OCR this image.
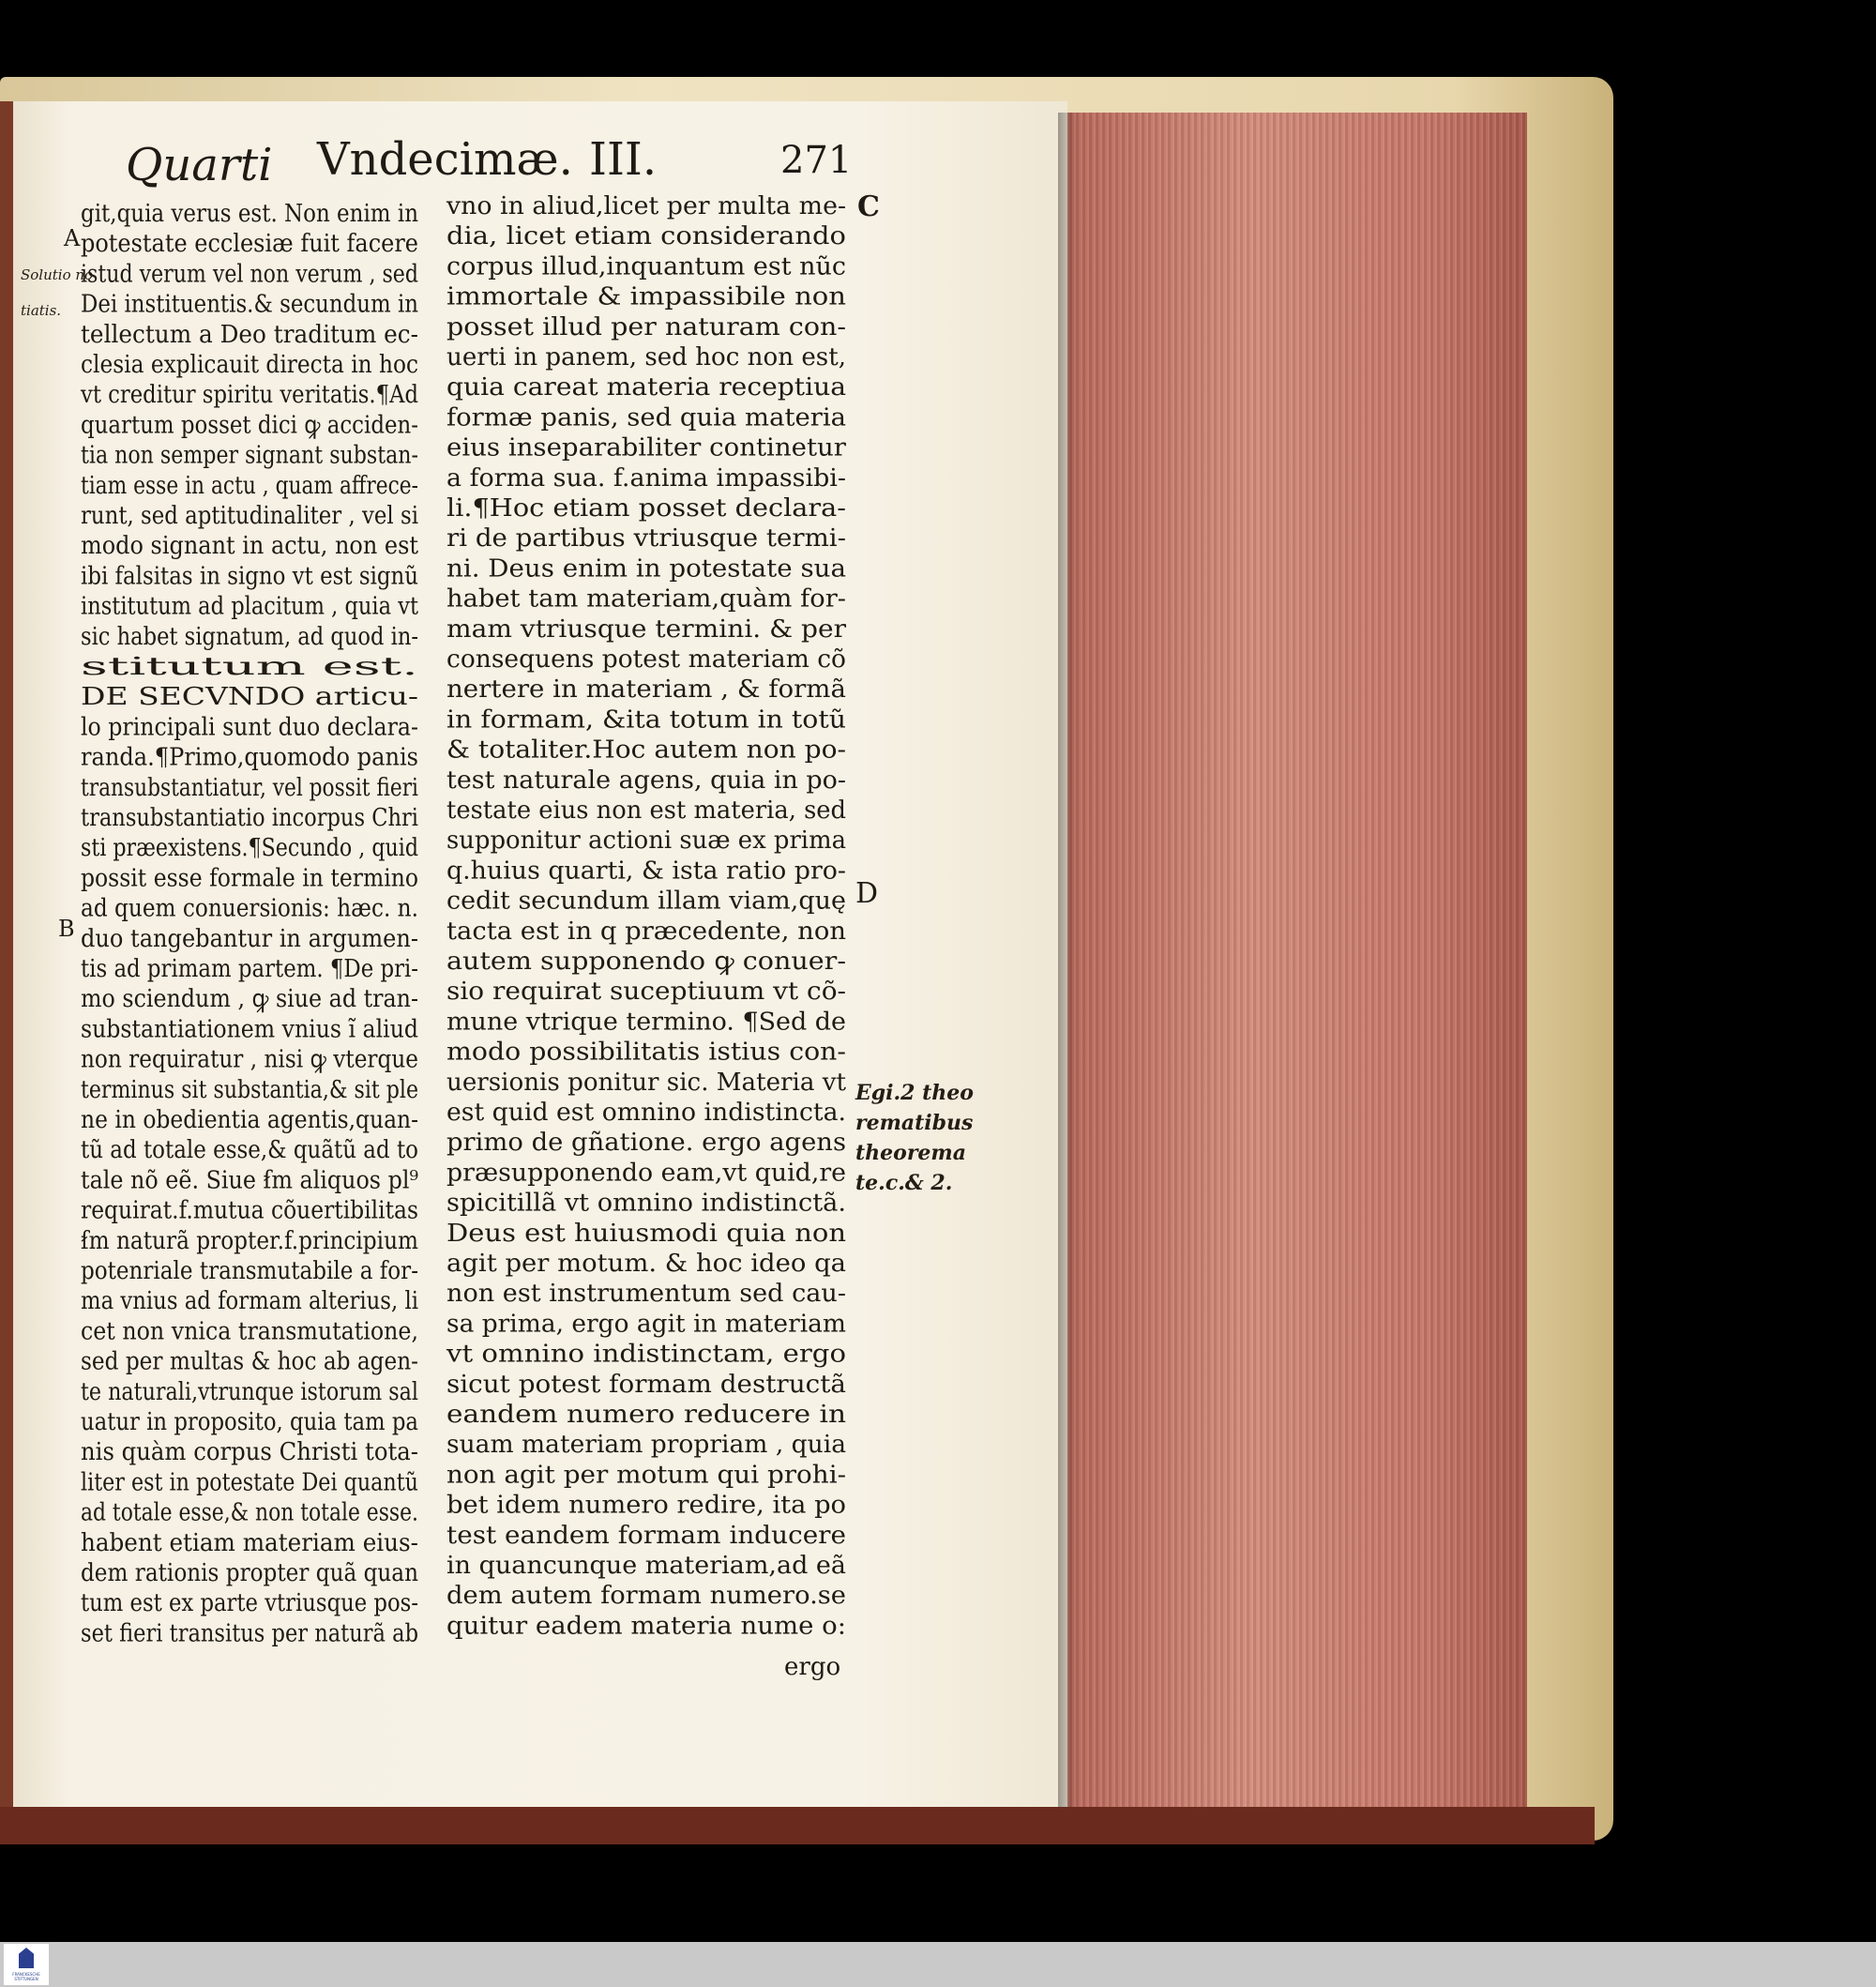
Quarti Vndecimæ. III.	271
A
B
C
D
Solutio no
tiatis.
Egi.2 theo
rematibus
theorema
te.c.& 2.
ergo
git,quia verus est. Non enim in
potestate ecclesiæ fuit facere
istud verum vel non verum , sed
Dei instituentis.& secundum in
tellectum a Deo traditum ec-
clesia explicauit directa in hoc
vt creditur spiritu veritatis.¶Ad
quartum posset dici ꝙ acciden-
tia non semper signant substan-
tiam esse in actu , quam affrece-
runt, sed aptitudinaliter , vel si
modo signant in actu, non est
ibi falsitas in signo vt est signũ
institutum ad placitum , quia vt
sic habet signatum, ad quod in-
stitutum est.
DE SECVNDO articu-
lo principali sunt duo declara-
randa.¶Primo,quomodo panis
transubstantiatur, vel possit fieri
transubstantiatio incorpus Chri
sti præexistens.¶Secundo , quid
possit esse formale in termino
ad quem conuersionis: hæc. n.
duo tangebantur in argumen-
tis ad primam partem. ¶De pri-
mo sciendum , ꝙ siue ad tran-
substantiationem vnius ĩ aliud
non requiratur , nisi ꝙ vterque
terminus sit substantia,& sit ple
ne in obedientia agentis,quan-
tũ ad totale esse,& quãtũ ad to
tale nõ eẽ. Siue ẜm aliquos pl⁹
requirat.f.mutua cõuertibilitas
ẜm naturã propter.f.principium
potenriale transmutabile a for-
ma vnius ad formam alterius, li
cet non vnica transmutatione,
sed per multas & hoc ab agen-
te naturali,vtrunque istorum sal
uatur in proposito, quia tam pa
nis quàm corpus Christi tota-
liter est in potestate Dei quantũ
ad totale esse,& non totale esse.
habent etiam materiam eius-
dem rationis propter quã quan
tum est ex parte vtriusque pos-
set fieri transitus per naturã ab
vno in aliud,licet per multa me-
dia, licet etiam considerando
corpus illud,inquantum est nũc
immortale & impassibile non
posset illud per naturam con-
uerti in panem, sed hoc non est,
quia careat materia receptiua
formæ panis, sed quia materia
eius inseparabiliter continetur
a forma sua. f.anima impassibi-
li.¶Hoc etiam posset declara-
ri de partibus vtriusque termi-
ni. Deus enim in potestate sua
habet tam materiam,quàm for-
mam vtriusque termini. & per
consequens potest materiam cõ
nertere in materiam , & formã
in formam, &ita totum in totũ
& totaliter.Hoc autem non po-
test naturale agens, quia in po-
testate eius non est materia, sed
supponitur actioni suæ ex prima
q.huius quarti, & ista ratio pro-
cedit secundum illam viam,quę
tacta est in q præcedente, non
autem supponendo ꝙ conuer-
sio requirat suceptiuum vt cõ-
mune vtrique termino. ¶Sed de
modo possibilitatis istius con-
uersionis ponitur sic. Materia vt
est quid est omnino indistincta.
primo de gñatione. ergo agens
præsupponendo eam,vt quid,re
spicitillã vt omnino indistinctã.
Deus est huiusmodi quia non
agit per motum. & hoc ideo qa
non est instrumentum sed cau-
sa prima, ergo agit in materiam
vt omnino indistinctam, ergo
sicut potest formam destructã
eandem numero reducere in
suam materiam propriam , quia
non agit per motum qui prohi-
bet idem numero redire, ita po
test eandem formam inducere
in quancunque materiam,ad eã
dem autem formam numero.se
quitur eadem materia nume o:
FRANCKESCHE STIFTUNGEN
